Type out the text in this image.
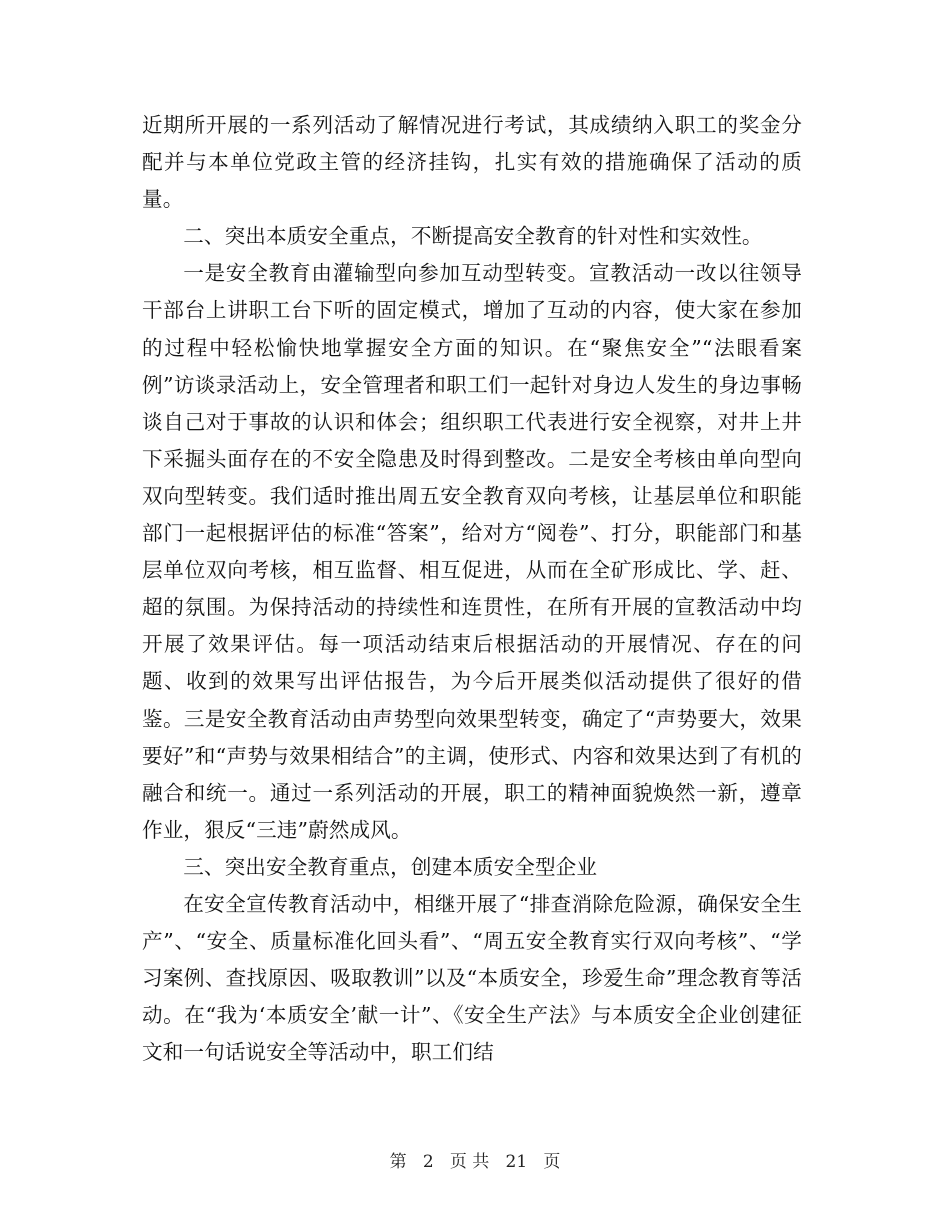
近期所开展的一系列活动了解情况进行考试，其成绩纳入职工的奖金分配并与本单位党政主管的经济挂钩，扎实有效的措施确保了活动的质量。

二、突出本质安全重点，不断提高安全教育的针对性和实效性。

一是安全教育由灌输型向参加互动型转变。宣教活动一改以往领导干部台上讲职工台下听的固定模式，增加了互动的内容，使大家在参加的过程中轻松愉快地掌握安全方面的知识。在“聚焦安全”“法眼看案例”访谈录活动上，安全管理者和职工们一起针对身边人发生的身边事畅谈自己对于事故的认识和体会；组织职工代表进行安全视察，对井上井下采掘头面存在的不安全隐患及时得到整改。二是安全考核由单向型向双向型转变。我们适时推出周五安全教育双向考核，让基层单位和职能部门一起根据评估的标准“答案”，给对方“阅卷”、打分，职能部门和基层单位双向考核，相互监督、相互促进，从而在全矿形成比、学、赶、超的氛围。为保持活动的持续性和连贯性，在所有开展的宣教活动中均开展了效果评估。每一项活动结束后根据活动的开展情况、存在的问题、收到的效果写出评估报告，为今后开展类似活动提供了很好的借鉴。三是安全教育活动由声势型向效果型转变，确定了“声势要大，效果要好”和“声势与效果相结合”的主调，使形式、内容和效果达到了有机的融合和统一。通过一系列活动的开展，职工的精神面貌焕然一新，遵章作业，狠反“三违”蔚然成风。

三、突出安全教育重点，创建本质安全型企业

在安全宣传教育活动中，相继开展了“排查消除危险源，确保安全生产”、“安全、质量标准化回头看”、“周五安全教育实行双向考核”、“学习案例、查找原因、吸取教训”以及“本质安全，珍爱生命”理念教育等活动。在“我为‘本质安全’献一计”、《安全生产法》与本质安全企业创建征文和一句话说安全等活动中，职工们结

第 2 页 共 21 页
